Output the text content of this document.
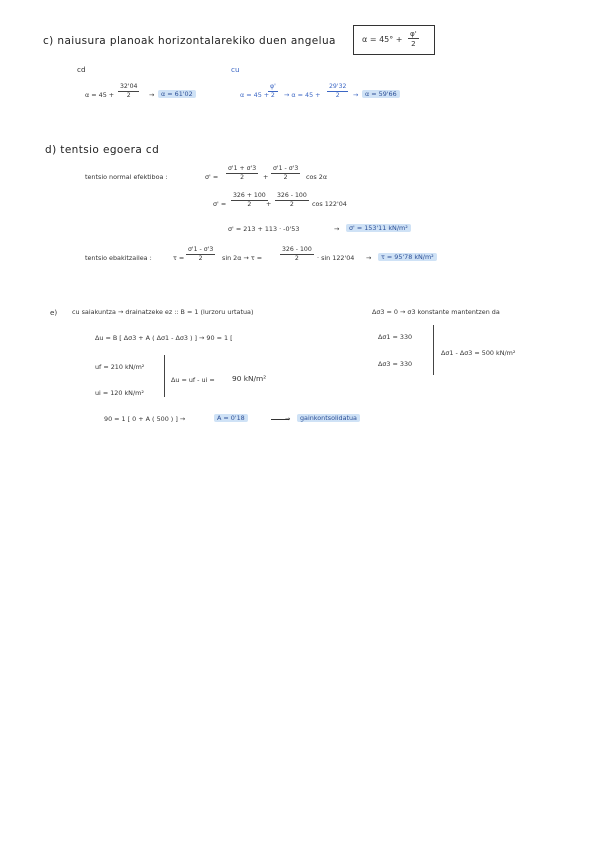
c) naiusura planoak horizontalarekiko duen angelua	$\alpha = 45^\circ + \frac{\varphi'}{2}$
cd	cu
$\alpha = 45 + \frac{32'04}{2}$ →	α = 61'02	α = 45 +
$\frac{\varphi'}{2} \to \alpha = 45 + \frac{29'32}{2}$ →	α = 59'66
d) tentsio egoera cd
tentsio normal efektiboa :	$\sigma' = \frac{\sigma'1 + \sigma'3}{2} + \frac{\sigma'1 - \sigma'3}{2}$ cos 2α
$\sigma' = \frac{326 + 100}{2}$
+ $\frac{326 - 100}{2}$ cos 122'04
σ' = 213 + 113 · -0'53	→	σ' = 153'11 kN/m²
tentsio ebakitzailea :	$\tau = \frac{\sigma'1 - \sigma'3}{2}$ sin 2α → τ =	$\frac{326 - 100}{2} \cdot \sin 122'04$ →	τ = 95'78 kN/m²
e) cu saiakuntza → drainatzeke ez :: B = 1 (lurzoru urtatua)	Δσ3 = 0 → σ3 konstante mantentzen da
Δu = B [ Δσ3 + A ( Δσ1 - Δσ3 ) ] → 90 = 1 [	Δσ1 = 330
Δσ1 - Δσ3 = 500 kN/m²
Δσ3 = 330
uf = 210 kN/m²
Δu = uf - ui = 90 kN/m²
ui = 120 kN/m²
90 = 1 [ 0 + A ( 500 ) ] →	A = 0'18	→	gainkontsolidatua
